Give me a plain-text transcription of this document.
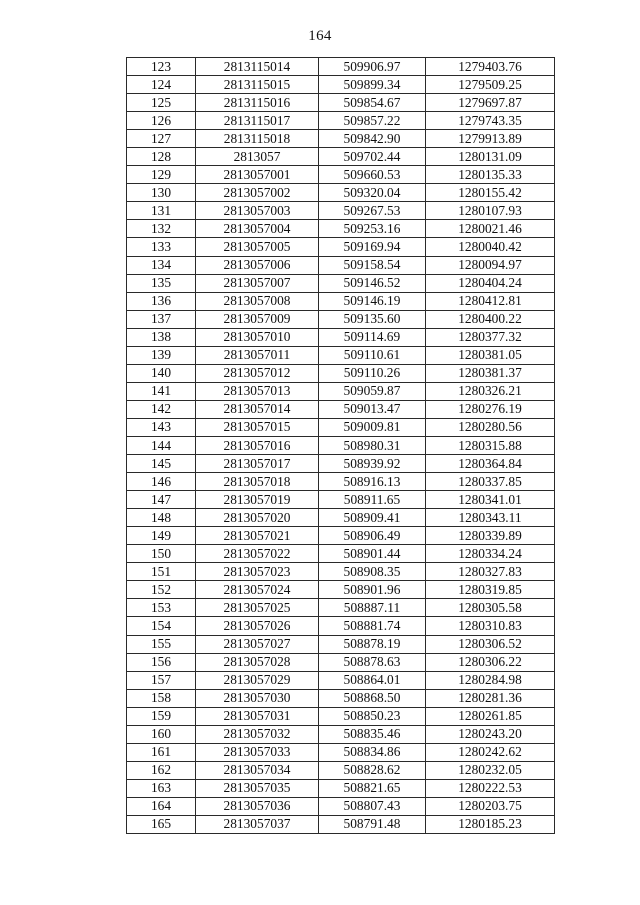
164
123	2813115014	509906.97	1279403.76
124	2813115015	509899.34	1279509.25
125	2813115016	509854.67	1279697.87
126	2813115017	509857.22	1279743.35
127	2813115018	509842.90	1279913.89
128	2813057	509702.44	1280131.09
129	2813057001	509660.53	1280135.33
130	2813057002	509320.04	1280155.42
131	2813057003	509267.53	1280107.93
132	2813057004	509253.16	1280021.46
133	2813057005	509169.94	1280040.42
134	2813057006	509158.54	1280094.97
135	2813057007	509146.52	1280404.24
136	2813057008	509146.19	1280412.81
137	2813057009	509135.60	1280400.22
138	2813057010	509114.69	1280377.32
139	2813057011	509110.61	1280381.05
140	2813057012	509110.26	1280381.37
141	2813057013	509059.87	1280326.21
142	2813057014	509013.47	1280276.19
143	2813057015	509009.81	1280280.56
144	2813057016	508980.31	1280315.88
145	2813057017	508939.92	1280364.84
146	2813057018	508916.13	1280337.85
147	2813057019	508911.65	1280341.01
148	2813057020	508909.41	1280343.11
149	2813057021	508906.49	1280339.89
150	2813057022	508901.44	1280334.24
151	2813057023	508908.35	1280327.83
152	2813057024	508901.96	1280319.85
153	2813057025	508887.11	1280305.58
154	2813057026	508881.74	1280310.83
155	2813057027	508878.19	1280306.52
156	2813057028	508878.63	1280306.22
157	2813057029	508864.01	1280284.98
158	2813057030	508868.50	1280281.36
159	2813057031	508850.23	1280261.85
160	2813057032	508835.46	1280243.20
161	2813057033	508834.86	1280242.62
162	2813057034	508828.62	1280232.05
163	2813057035	508821.65	1280222.53
164	2813057036	508807.43	1280203.75
165	2813057037	508791.48	1280185.23
